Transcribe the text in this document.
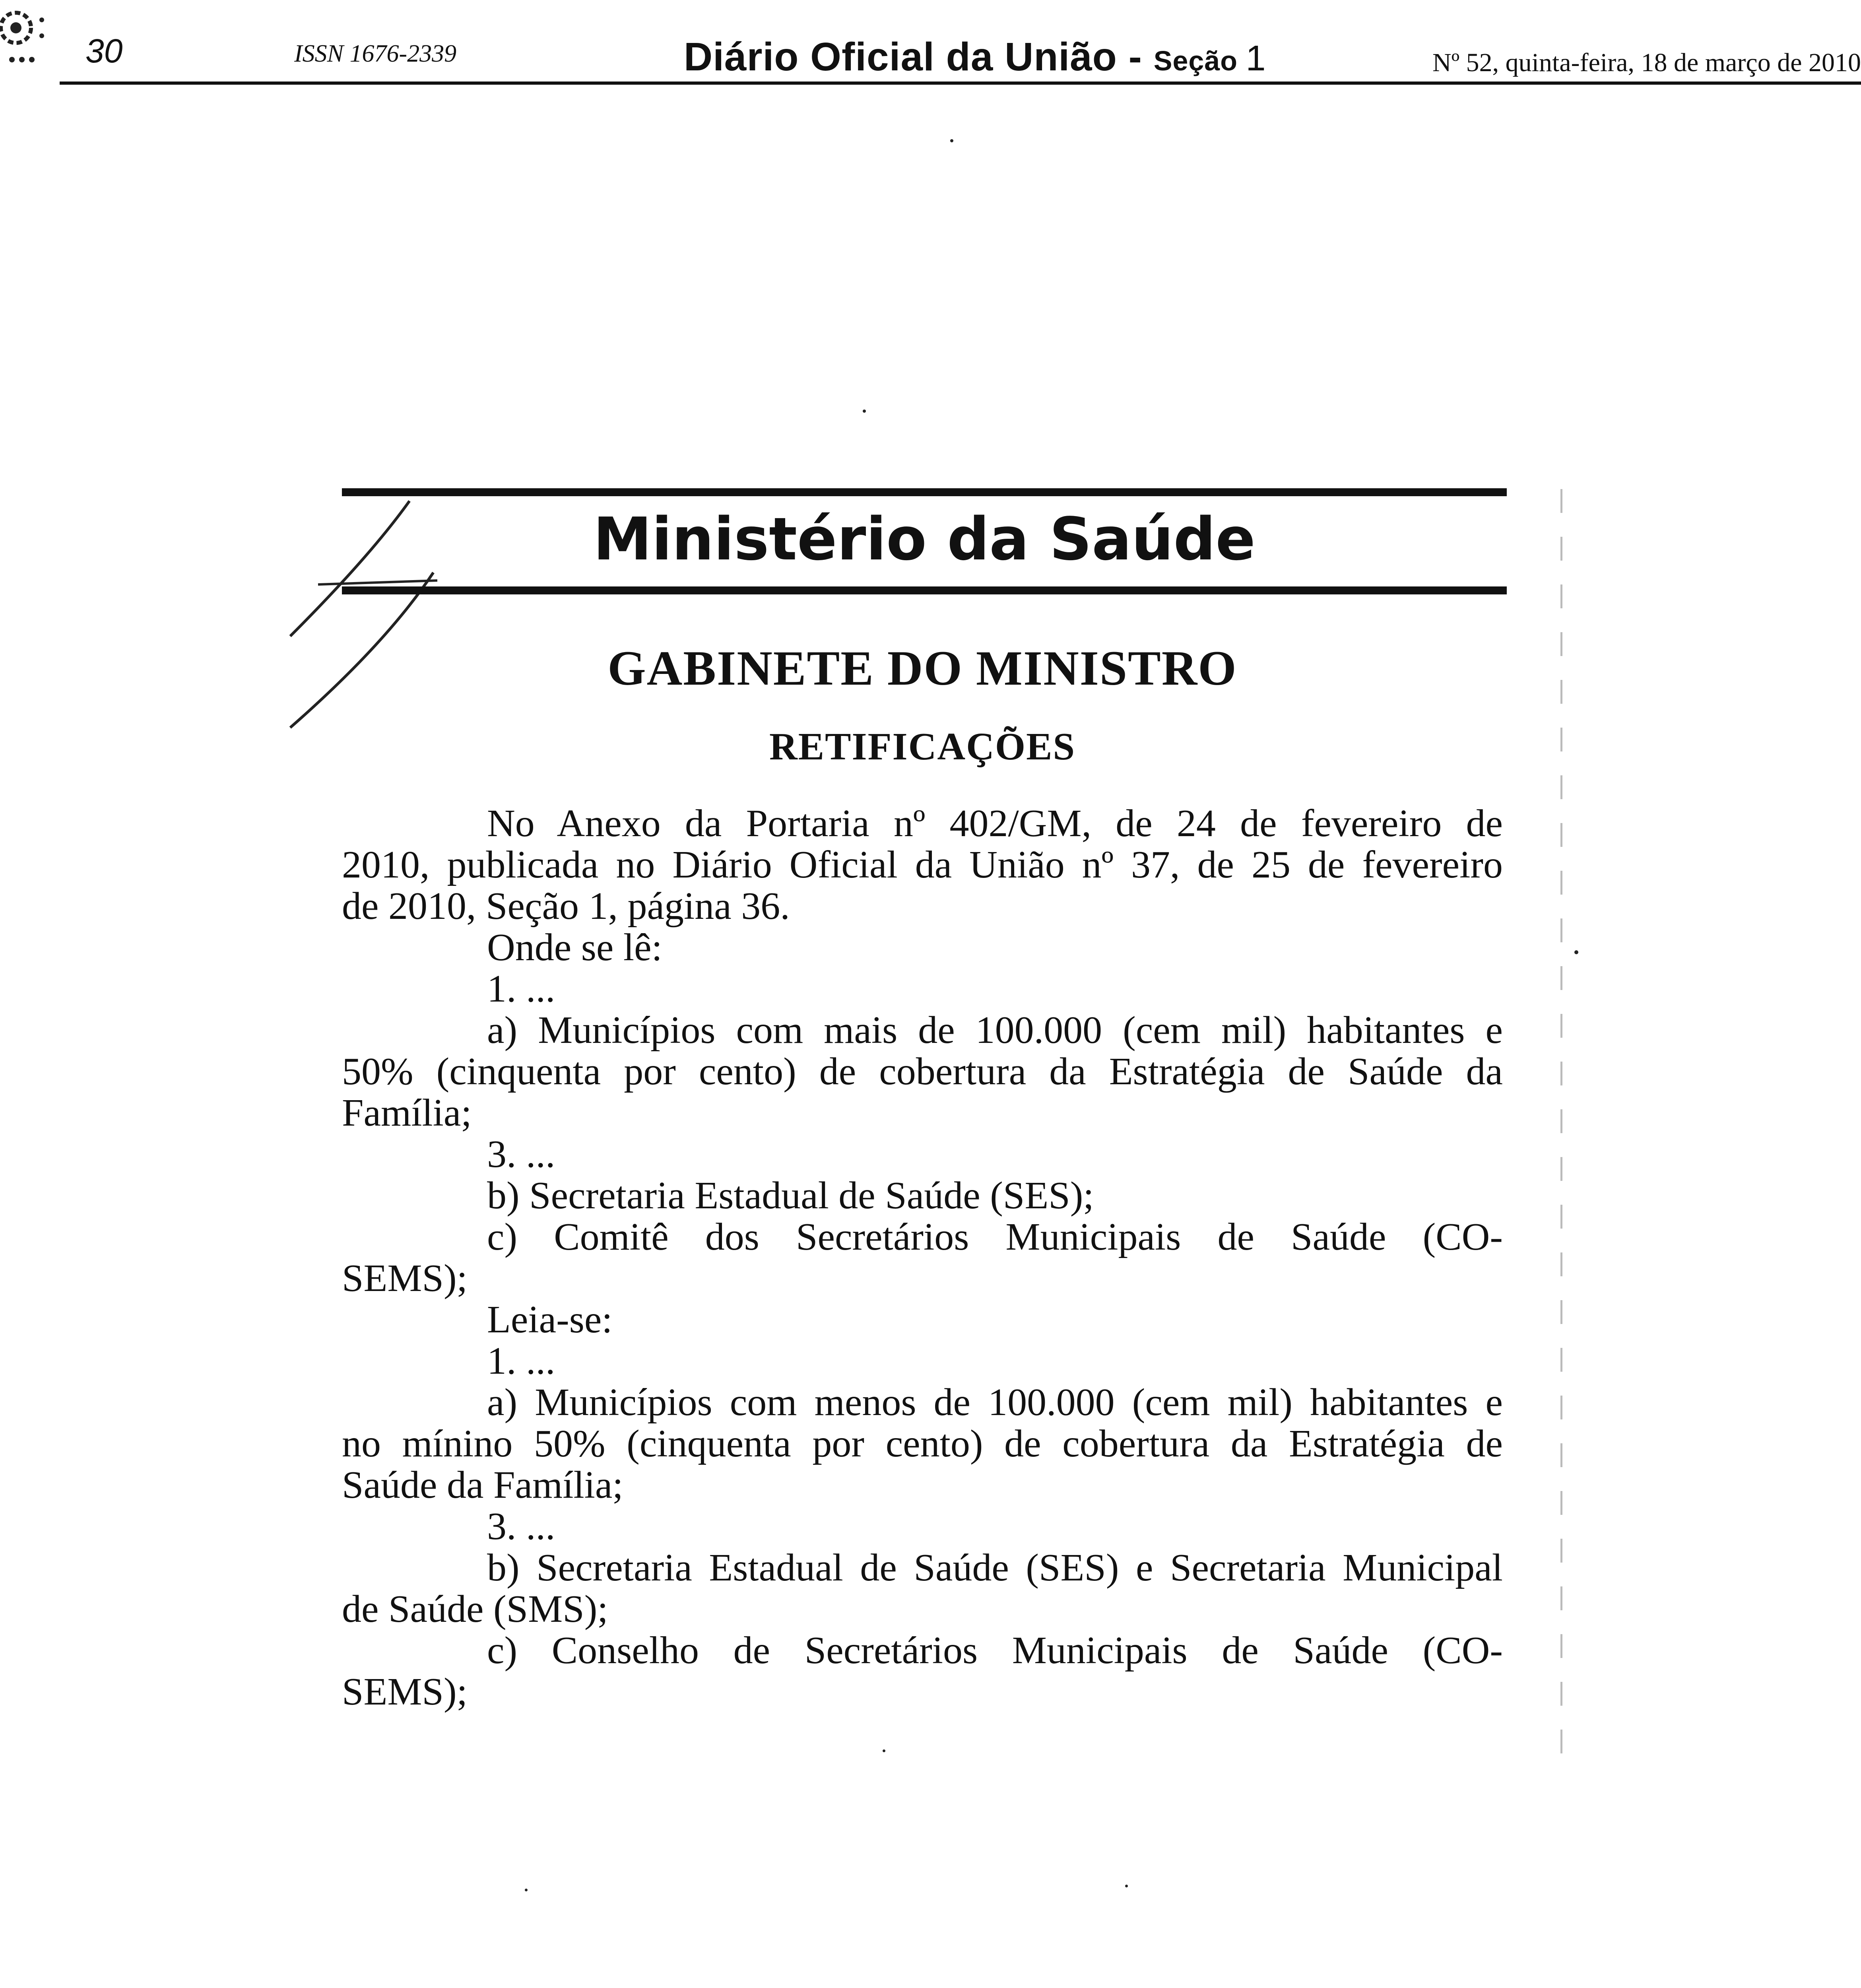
30	ISSN 1676-2339	Diário Oficial da União - Seção 1	Nº 52, quinta-feira, 18 de março de 2010
Ministério da Saúde
GABINETE DO MINISTRO
RETIFICAÇÕES
No Anexo da Portaria nº 402/GM, de 24 de fevereiro de
2010, publicada no Diário Oficial da União nº 37, de 25 de fevereiro
de 2010, Seção 1, página 36.
Onde se lê:
1. ...
a) Municípios com mais de 100.000 (cem mil) habitantes e
50% (cinquenta por cento) de cobertura da Estratégia de Saúde da
Família;
3. ...
b) Secretaria Estadual de Saúde (SES);
c) Comitê dos Secretários Municipais de Saúde (CO-
SEMS);
Leia-se:
1. ...
a) Municípios com menos de 100.000 (cem mil) habitantes e
no mínino 50% (cinquenta por cento) de cobertura da Estratégia de
Saúde da Família;
3. ...
b) Secretaria Estadual de Saúde (SES) e Secretaria Municipal
de Saúde (SMS);
c) Conselho de Secretários Municipais de Saúde (CO-
SEMS);
